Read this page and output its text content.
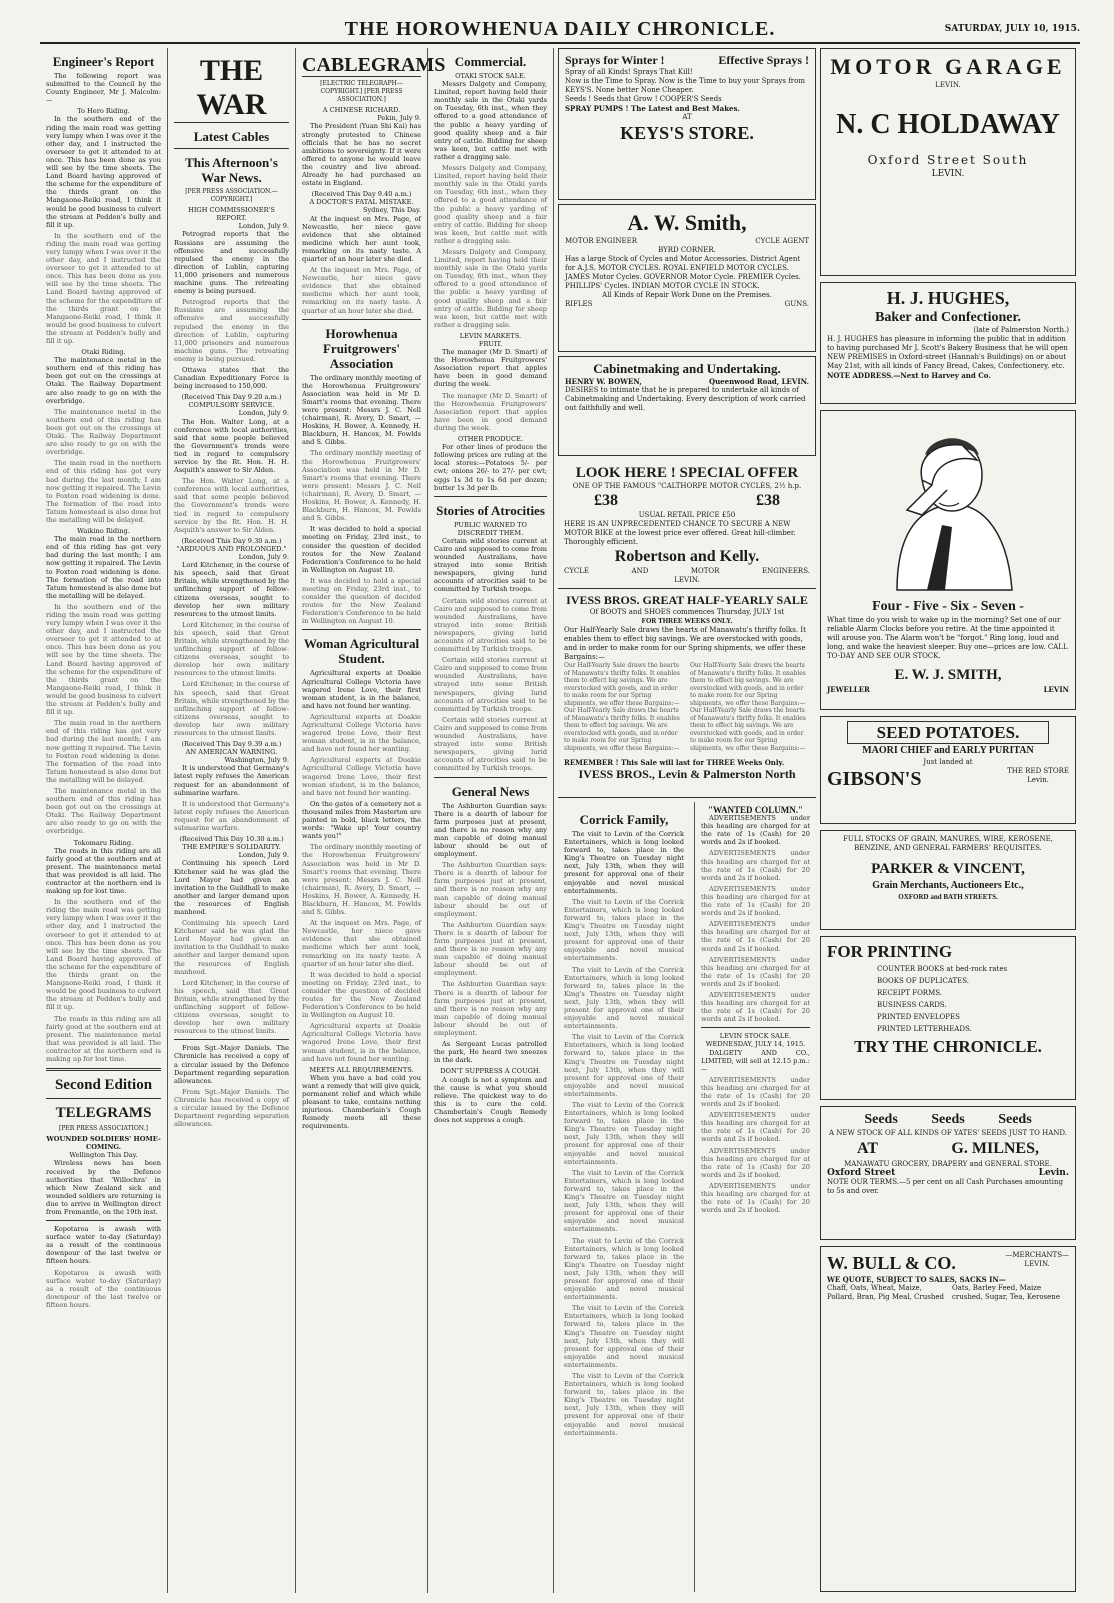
THE HOROWHENUA DAILY CHRONICLE.	SATURDAY, JULY 10, 1915.
Engineer's Report

The following report was submitted to the Council by the County Engineer, Mr J. Malcolm:—

To Hero Riding.

In the southern end of the riding the main road was getting very lumpy when I was over it the other day, and I instructed the overseer to get it attended to at once. This has been done as you will see by the time sheets. The Land Board having approved of the scheme for the expenditure of the thirds grant on the Mangaone-Reiki road, I think it would be good business to culvert the stream at Pedden's bully and fill it up.

In the southern end of the riding the main road was getting very lumpy when I was over it the other day, and I instructed the overseer to get it attended to at once. This has been done as you will see by the time sheets. The Land Board having approved of the scheme for the expenditure of the thirds grant on the Mangaone-Reiki road, I think it would be good business to culvert the stream at Pedden's bully and fill it up.

Otaki Riding.

The maintenance metal in the southern end of this riding has been got out on the crossings at Otaki. The Railway Department are also ready to go on with the overbridge.

The maintenance metal in the southern end of this riding has been got out on the crossings at Otaki. The Railway Department are also ready to go on with the overbridge.

The main road in the northern end of this riding has got very bad during the last month; I am now getting it repaired. The Levin to Foxton road widening is done. The formation of the road into Tatum homestead is also done but the metalling will be delayed.

Waikino Riding.

The main road in the northern end of this riding has got very bad during the last month; I am now getting it repaired. The Levin to Foxton road widening is done. The formation of the road into Tatum homestead is also done but the metalling will be delayed.

In the southern end of the riding the main road was getting very lumpy when I was over it the other day, and I instructed the overseer to get it attended to at once. This has been done as you will see by the time sheets. The Land Board having approved of the scheme for the expenditure of the thirds grant on the Mangaone-Reiki road, I think it would be good business to culvert the stream at Pedden's bully and fill it up.

The main road in the northern end of this riding has got very bad during the last month; I am now getting it repaired. The Levin to Foxton road widening is done. The formation of the road into Tatum homestead is also done but the metalling will be delayed.

The maintenance metal in the southern end of this riding has been got out on the crossings at Otaki. The Railway Department are also ready to go on with the overbridge.

Tokomaru Riding.

The roads in this riding are all fairly good at the southern end at present. The maintenance metal that was provided is all laid. The contractor at the northern end is making up for lost time.

In the southern end of the riding the main road was getting very lumpy when I was over it the other day, and I instructed the overseer to get it attended to at once. This has been done as you will see by the time sheets. The Land Board having approved of the scheme for the expenditure of the thirds grant on the Mangaone-Reiki road, I think it would be good business to culvert the stream at Pedden's bully and fill it up.

The roads in this riding are all fairly good at the southern end at present. The maintenance metal that was provided is all laid. The contractor at the northern end is making up for lost time.

Second Edition
TELEGRAMS
[PER PRESS ASSOCIATION.]
WOUNDED SOLDIERS' HOME-COMING.
Wellington This Day.

Wireless news has been received by the Defence authorities that 'Willochra' in which New Zealand sick and wounded soldiers are returning is due to arrive in Wellington direct from Fremantle, on the 19th inst.

Kopotaroa is awash with surface water to-day (Saturday) as a result of the continuous downpour of the last twelve or fifteen hours.

Kopotaroa is awash with surface water to-day (Saturday) as a result of the continuous downpour of the last twelve or fifteen hours.

THE WAR
Latest Cables
This Afternoon's War News.
[PER PRESS ASSOCIATION.—COPYRIGHT.]
HIGH COMMISSIONER'S REPORT.
London, July 9.

Petrograd reports that the Russians are assuming the offensive and successfully repulsed the enemy in the direction of Lublin, capturing 11,000 prisoners and numerous machine guns. The retreating enemy is being pursued.

Petrograd reports that the Russians are assuming the offensive and successfully repulsed the enemy in the direction of Lublin, capturing 11,000 prisoners and numerous machine guns. The retreating enemy is being pursued.

Ottawa states that the Canadian Expeditionary Force is being increased to 150,000.

(Received This Day 9.20 a.m.)
COMPULSORY SERVICE.
London, July 9.

The Hon. Walter Long, at a conference with local authorities, said that some people believed the Government's trends were tied in regard to compulsory service by the Rt. Hon. H. H. Asquith's answer to Sir Alden.

The Hon. Walter Long, at a conference with local authorities, said that some people believed the Government's trends were tied in regard to compulsory service by the Rt. Hon. H. H. Asquith's answer to Sir Alden.

(Received This Day 9.30 a.m.)
"ARDUOUS AND PROLONGED."
London, July 9.

Lord Kitchener, in the course of his speech, said that Great Britain, while strengthened by the unflinching support of fellow-citizens overseas, sought to develop her own military resources to the utmost limits.

Lord Kitchener, in the course of his speech, said that Great Britain, while strengthened by the unflinching support of fellow-citizens overseas, sought to develop her own military resources to the utmost limits.

Lord Kitchener, in the course of his speech, said that Great Britain, while strengthened by the unflinching support of fellow-citizens overseas, sought to develop her own military resources to the utmost limits.

(Received This Day 9.39 a.m.)
AN AMERICAN WARNING.
Washington, July 9.

It is understood that Germany's latest reply refuses the American request for an abandonment of submarine warfare.

It is understood that Germany's latest reply refuses the American request for an abandonment of submarine warfare.

(Received This Day 10.30 a.m.)
THE EMPIRE'S SOLIDARITY.
London, July 9.

Continuing his speech Lord Kitchener said he was glad the Lord Mayor had given an invitation to the Guildhall to make another and larger demand upon the resources of English manhood.

Continuing his speech Lord Kitchener said he was glad the Lord Mayor had given an invitation to the Guildhall to make another and larger demand upon the resources of English manhood.

Lord Kitchener, in the course of his speech, said that Great Britain, while strengthened by the unflinching support of fellow-citizens overseas, sought to develop her own military resources to the utmost limits.

From Sgt.-Major Daniels. The Chronicle has received a copy of a circular issued by the Defence Department regarding separation allowances.

From Sgt.-Major Daniels. The Chronicle has received a copy of a circular issued by the Defence Department regarding separation allowances.

CABLEGRAMS
[ELECTRIC TELEGRAPH—COPYRIGHT.] [PER PRESS ASSOCIATION.]
A CHINESE RICHARD.
Pekin, July 9.

The President (Yuan Shi Kai) has strongly protested to Chinese officials that he has no secret ambitions to sovereignty. If it were offered to anyone he would leave the country and live abroad. Already he had purchased an estate in England.

(Received This Day 9.40 a.m.)
A DOCTOR'S FATAL MISTAKE.
Sydney, This Day.

At the inquest on Mrs. Page, of Newcastle, her niece gave evidence that she obtained medicine which her aunt took, remarking on its nasty taste. A quarter of an hour later she died.

At the inquest on Mrs. Page, of Newcastle, her niece gave evidence that she obtained medicine which her aunt took, remarking on its nasty taste. A quarter of an hour later she died.

Horowhenua Fruitgrowers' Association

The ordinary monthly meeting of the Horowhenua Fruitgrowers' Association was held in Mr D. Smart's rooms that evening. There were present: Messrs J. C. Nell (chairman), R. Avery, D. Smart, — Hoskins, H. Bower, A. Kennedy, H. Blackburn, H. Hancox, M. Fowlds and S. Gibbs.

The ordinary monthly meeting of the Horowhenua Fruitgrowers' Association was held in Mr D. Smart's rooms that evening. There were present: Messrs J. C. Nell (chairman), R. Avery, D. Smart, — Hoskins, H. Bower, A. Kennedy, H. Blackburn, H. Hancox, M. Fowlds and S. Gibbs.

It was decided to hold a special meeting on Friday, 23rd inst., to consider the question of decided routes for the New Zealand Federation's Conference to be held in Wellington on August 10.

It was decided to hold a special meeting on Friday, 23rd inst., to consider the question of decided routes for the New Zealand Federation's Conference to be held in Wellington on August 10.

Woman Agricultural Student.

Agricultural experts at Doakie Agricultural College Victoria have wagered Irene Love, their first woman student, is in the balance, and have not found her wanting.

Agricultural experts at Doakie Agricultural College Victoria have wagered Irene Love, their first woman student, is in the balance, and have not found her wanting.

Agricultural experts at Doakie Agricultural College Victoria have wagered Irene Love, their first woman student, is in the balance, and have not found her wanting.

On the gates of a cemetery not a thousand miles from Masterton are painted in bold, black letters, the words: "Wake up! Your country wants you!"

The ordinary monthly meeting of the Horowhenua Fruitgrowers' Association was held in Mr D. Smart's rooms that evening. There were present: Messrs J. C. Nell (chairman), R. Avery, D. Smart, — Hoskins, H. Bower, A. Kennedy, H. Blackburn, H. Hancox, M. Fowlds and S. Gibbs.

At the inquest on Mrs. Page, of Newcastle, her niece gave evidence that she obtained medicine which her aunt took, remarking on its nasty taste. A quarter of an hour later she died.

It was decided to hold a special meeting on Friday, 23rd inst., to consider the question of decided routes for the New Zealand Federation's Conference to be held in Wellington on August 10.

Agricultural experts at Doakie Agricultural College Victoria have wagered Irene Love, their first woman student, is in the balance, and have not found her wanting.

MEETS ALL REQUIREMENTS.

When you have a bad cold you want a remedy that will give quick, permanent relief and which while pleasant to take, contains nothing injurious. Chamberlain's Cough Remedy meets all these requirements.

Commercial.
OTAKI STOCK SALE.

Messrs Dalgety and Company, Limited, report having held their monthly sale in the Otaki yards on Tuesday, 6th inst., when they offered to a good attendance of the public a heavy yarding of good quality sheep and a fair entry of cattle. Bidding for sheep was keen, but cattle met with rather a dragging sale.

Messrs Dalgety and Company, Limited, report having held their monthly sale in the Otaki yards on Tuesday, 6th inst., when they offered to a good attendance of the public a heavy yarding of good quality sheep and a fair entry of cattle. Bidding for sheep was keen, but cattle met with rather a dragging sale.

Messrs Dalgety and Company, Limited, report having held their monthly sale in the Otaki yards on Tuesday, 6th inst., when they offered to a good attendance of the public a heavy yarding of good quality sheep and a fair entry of cattle. Bidding for sheep was keen, but cattle met with rather a dragging sale.

LEVIN MARKETS.
FRUIT.

The manager (Mr D. Smart) of the Horowhenua Fruitgrowers' Association report that apples have been in good demand during the week.

The manager (Mr D. Smart) of the Horowhenua Fruitgrowers' Association report that apples have been in good demand during the week.

OTHER PRODUCE.

For other lines of produce the following prices are ruling at the local stores:—Potatoes 5/- per cwt; onions 26/- to 27/- per cwt; eggs 1s 3d to 1s 6d per dozen; butter 1s 3d per lb.

Stories of Atrocities
PUBLIC WARNED TO DISCREDIT THEM.

Certain wild stories current at Cairo and supposed to come from wounded Australians, have strayed into some British newspapers, giving lurid accounts of atrocities said to be committed by Turkish troops.

Certain wild stories current at Cairo and supposed to come from wounded Australians, have strayed into some British newspapers, giving lurid accounts of atrocities said to be committed by Turkish troops.

Certain wild stories current at Cairo and supposed to come from wounded Australians, have strayed into some British newspapers, giving lurid accounts of atrocities said to be committed by Turkish troops.

Certain wild stories current at Cairo and supposed to come from wounded Australians, have strayed into some British newspapers, giving lurid accounts of atrocities said to be committed by Turkish troops.

General News

The Ashburton Guardian says: There is a dearth of labour for farm purposes just at present, and there is no reason why any man capable of doing manual labour should be out of employment.

The Ashburton Guardian says: There is a dearth of labour for farm purposes just at present, and there is no reason why any man capable of doing manual labour should be out of employment.

The Ashburton Guardian says: There is a dearth of labour for farm purposes just at present, and there is no reason why any man capable of doing manual labour should be out of employment.

The Ashburton Guardian says: There is a dearth of labour for farm purposes just at present, and there is no reason why any man capable of doing manual labour should be out of employment.

As Sergeant Lucas patrolled the park, He heard two sneezes in the dark.

DON'T SUPPRESS A COUGH.

A cough is not a symptom and the cause is what you should relieve. The quickest way to do this is to cure the cold. Chamberlain's Cough Remedy does not suppress a cough.

Sprays for Winter !	Effective Sprays !
Spray of all Kinds! Sprays That Kill!
Now is the Time to Spray. Now is the Time to buy your Sprays from KEYS'S. None better None Cheaper.
Seeds ! Seeds that Grow ! COOPER'S Seeds
SPRAY PUMPS ! The Latest and Best Makes.
AT
KEYS'S STORE.
A. W. Smith,
MOTOR ENGINEER	CYCLE AGENT
BYRD CORNER.
Has a large Stock of Cycles and Motor Accessories. District Agent for A.J.S. MOTOR CYCLES. ROYAL ENFIELD MOTOR CYCLES. JAMES Motor Cycles. GOVERNOR Motor Cycle. PREMIER Cycles. PHILLIPS' Cycles. INDIAN MOTOR CYCLE IN STOCK.
All Kinds of Repair Work Done on the Premises.
RIFLES	GUNS.
Cabinetmaking and Undertaking.
HENRY W. BOWEN,	Queenwood Road, LEVIN.
DESIRES to intimate that he is prepared to undertake all kinds of Cabinetmaking and Undertaking. Every description of work carried out faithfully and well.
LOOK HERE ! SPECIAL OFFER
ONE OF THE FAMOUS "CALTHORPE MOTOR CYCLES, 2½ h.p.
£38	£38
USUAL RETAIL PRICE £50
HERE IS AN UNPRECEDENTED CHANCE TO SECURE A NEW MOTOR BIKE at the lowest price ever offered. Great hill-climber. Thoroughly efficient.
Robertson and Kelly.
CYCLE	AND	MOTOR	ENGINEERS.
LEVIN.
IVESS BROS. GREAT HALF-YEARLY SALE
Of BOOTS and SHOES commences Thursday, JULY 1st
FOR THREE WEEKS ONLY.
Our Half-Yearly Sale draws the hearts of Manawatu's thrifty folks. It enables them to effect big savings. We are overstocked with goods, and in order to make room for our Spring shipments, we offer these Bargains:—
Our Half-Yearly Sale draws the hearts of Manawatu's thrifty folks. It enables them to effect big savings. We are overstocked with goods, and in order to make room for our Spring shipments, we offer these Bargains:— Our Half-Yearly Sale draws the hearts of Manawatu's thrifty folks. It enables them to effect big savings. We are overstocked with goods, and in order to make room for our Spring shipments, we offer these Bargains:— Our Half-Yearly Sale draws the hearts of Manawatu's thrifty folks. It enables them to effect big savings. We are overstocked with goods, and in order to make room for our Spring shipments, we offer these Bargains:— Our Half-Yearly Sale draws the hearts of Manawatu's thrifty folks. It enables them to effect big savings. We are overstocked with goods, and in order to make room for our Spring shipments, we offer these Bargains:—
REMEMBER ! This Sale will last for THREE Weeks Only.
IVESS BROS., Levin & Palmerston North
Corrick Family,

The visit to Levin of the Corrick Entertainers, which is long looked forward to, takes place in the King's Theatre on Tuesday night next, July 13th, when they will present for approval one of their enjoyable and novel musical entertainments.

The visit to Levin of the Corrick Entertainers, which is long looked forward to, takes place in the King's Theatre on Tuesday night next, July 13th, when they will present for approval one of their enjoyable and novel musical entertainments.

The visit to Levin of the Corrick Entertainers, which is long looked forward to, takes place in the King's Theatre on Tuesday night next, July 13th, when they will present for approval one of their enjoyable and novel musical entertainments.

The visit to Levin of the Corrick Entertainers, which is long looked forward to, takes place in the King's Theatre on Tuesday night next, July 13th, when they will present for approval one of their enjoyable and novel musical entertainments.

The visit to Levin of the Corrick Entertainers, which is long looked forward to, takes place in the King's Theatre on Tuesday night next, July 13th, when they will present for approval one of their enjoyable and novel musical entertainments.

The visit to Levin of the Corrick Entertainers, which is long looked forward to, takes place in the King's Theatre on Tuesday night next, July 13th, when they will present for approval one of their enjoyable and novel musical entertainments.

The visit to Levin of the Corrick Entertainers, which is long looked forward to, takes place in the King's Theatre on Tuesday night next, July 13th, when they will present for approval one of their enjoyable and novel musical entertainments.

The visit to Levin of the Corrick Entertainers, which is long looked forward to, takes place in the King's Theatre on Tuesday night next, July 13th, when they will present for approval one of their enjoyable and novel musical entertainments.

The visit to Levin of the Corrick Entertainers, which is long looked forward to, takes place in the King's Theatre on Tuesday night next, July 13th, when they will present for approval one of their enjoyable and novel musical entertainments.

"WANTED COLUMN."

ADVERTISEMENTS under this heading are charged for at the rate of 1s (Cash) for 20 words and 2s if booked.

ADVERTISEMENTS under this heading are charged for at the rate of 1s (Cash) for 20 words and 2s if booked.

ADVERTISEMENTS under this heading are charged for at the rate of 1s (Cash) for 20 words and 2s if booked.

ADVERTISEMENTS under this heading are charged for at the rate of 1s (Cash) for 20 words and 2s if booked.

ADVERTISEMENTS under this heading are charged for at the rate of 1s (Cash) for 20 words and 2s if booked.

ADVERTISEMENTS under this heading are charged for at the rate of 1s (Cash) for 20 words and 2s if booked.

LEVIN STOCK SALE.
WEDNESDAY, JULY 14, 1915.

DALGETY AND CO., LIMITED, will sell at 12.15 p.m.:—

ADVERTISEMENTS under this heading are charged for at the rate of 1s (Cash) for 20 words and 2s if booked.

ADVERTISEMENTS under this heading are charged for at the rate of 1s (Cash) for 20 words and 2s if booked.

ADVERTISEMENTS under this heading are charged for at the rate of 1s (Cash) for 20 words and 2s if booked.

ADVERTISEMENTS under this heading are charged for at the rate of 1s (Cash) for 20 words and 2s if booked.

MOTOR GARAGE
LEVIN.
N. C HOLDAWAY
Oxford Street South
LEVIN.
H. J. HUGHES,
Baker and Confectioner.
(late of Palmerston North.)
H. J. HUGHES has pleasure in informing the public that in addition to having purchased Mr J. Scott's Bakery Business that he will open NEW PREMISES in Oxford-street (Hannah's Buildings) on or about May 21st, with all kinds of Fancy Bread, Cakes, Confectionery, etc.
NOTE ADDRESS.—Next to Harvey and Co.
Four - Five - Six - Seven -
What time do you wish to wake up in the morning? Set one of our reliable Alarm Clocks before you retire. At the time appointed it will arouse you. The Alarm won't be "forgot." Ring long, loud and long, and wake the heaviest sleeper. Buy one—prices are low. CALL TO-DAY AND SEE OUR STOCK.
E. W. J. SMITH,
JEWELLER	LEVIN
SEED POTATOES.
MAORI CHIEF and EARLY PURITAN
Just landed at
GIBSON'S	THE RED STORE
Levin.
FULL STOCKS OF GRAIN, MANURES, WIRE, KEROSENE, BENZINE, AND GENERAL FARMERS' REQUISITES.
PARKER & VINCENT,
Grain Merchants, Auctioneers Etc.,
OXFORD and BATH STREETS.
FOR PRINTING
COUNTER BOOKS at bed-rock rates
BOOKS OF DUPLICATES.
RECEIPT FORMS.
BUSINESS CARDS.
PRINTED ENVELOPES
PRINTED LETTERHEADS.
TRY THE CHRONICLE.
Seeds Seeds Seeds
A NEW STOCK OF ALL KINDS OF YATES' SEEDS JUST TO HAND.
AT	G. MILNES,
MANAWATU GROCERY, DRAPERY and GENERAL STORE.
Oxford Street	Levin.
NOTE OUR TERMS.—5 per cent on all Cash Purchases amounting to 5s and over.
W. BULL & CO.	—MERCHANTS—
LEVIN.
WE QUOTE, SUBJECT TO SALES, SACKS IN—
Chaff, Oats, Wheat, Maize, Pollard, Bran, Pig Meal, Crushed Oats, Barley Feed, Maize crushed, Sugar, Tea, Kerosene
